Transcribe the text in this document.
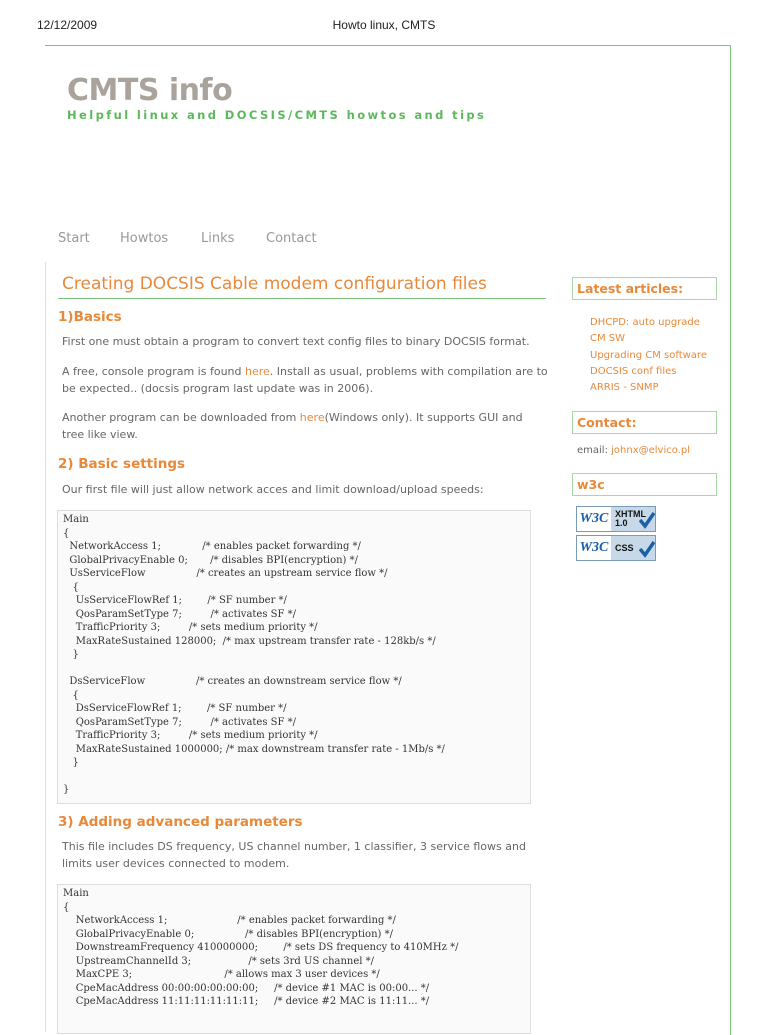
12/12/2009	Howto linux, CMTS
CMTS info

Helpful linux and DOCSIS/CMTS howtos and tips

Start Howtos	Links Contact
Creating DOCSIS Cable modem configuration files
1)Basics

First one must obtain a program to convert text config files to binary DOCSIS format.

A free, console program is found here. Install as usual, problems with compilation are to be expected.. (docsis program last update was in 2006).

Another program can be downloaded from here(Windows only). It supports GUI and tree like view.

2) Basic settings

Our first file will just allow network acces and limit download/upload speeds:

Main
{
NetworkAccess 1;             /* enables packet forwarding */
GlobalPrivacyEnable 0;       /* disables BPI(encryption) */
UsServiceFlow                /* creates an upstream service flow */
{
UsServiceFlowRef 1;        /* SF number */
QosParamSetType 7;         /* activates SF */
TrafficPriority 3;         /* sets medium priority */
MaxRateSustained 128000;  /* max upstream transfer rate - 128kb/s */
}

DsServiceFlow                /* creates an downstream service flow */
{
DsServiceFlowRef 1;        /* SF number */
QosParamSetType 7;         /* activates SF */
TrafficPriority 3;         /* sets medium priority */
MaxRateSustained 1000000; /* max downstream transfer rate - 1Mb/s */
}

}
3) Adding advanced parameters

This file includes DS frequency, US channel number, 1 classifier, 3 service flows and limits user devices connected to modem.

Main
{
NetworkAccess 1;                      /* enables packet forwarding */
GlobalPrivacyEnable 0;                /* disables BPI(encryption) */
DownstreamFrequency 410000000;        /* sets DS frequency to 410MHz */
UpstreamChannelId 3;                  /* sets 3rd US channel */
MaxCPE 3;                             /* allows max 3 user devices */
CpeMacAddress 00:00:00:00:00:00;     /* device #1 MAC is 00:00... */
CpeMacAddress 11:11:11:11:11:11;     /* device #2 MAC is 11:11... */
Latest articles:
DHCPD: auto upgrade
CM SW
Upgrading CM software
DOCSIS conf files
ARRIS - SNMP
Contact:

email: johnx@elvico.pl

w3c
W3C XHTML
1.0
W3C CSS
